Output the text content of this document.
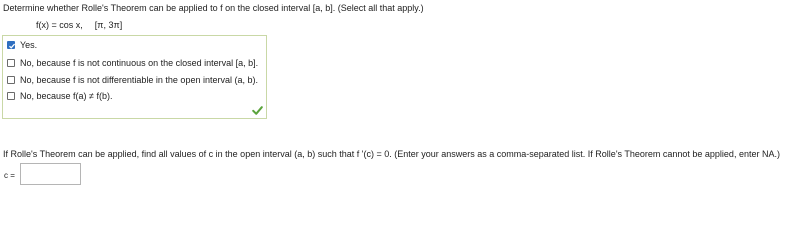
Determine whether Rolle's Theorem can be applied to f on the closed interval [a, b]. (Select all that apply.)
f(x) = cos x, [π, 3π]
Yes.
No, because f is not continuous on the closed interval [a, b].
No, because f is not differentiable in the open interval (a, b).
No, because f(a) ≠ f(b).
If Rolle's Theorem can be applied, find all values of c in the open interval (a, b) such that f '(c) = 0. (Enter your answers as a comma-separated list. If Rolle's Theorem cannot be applied, enter NA.)
c =
